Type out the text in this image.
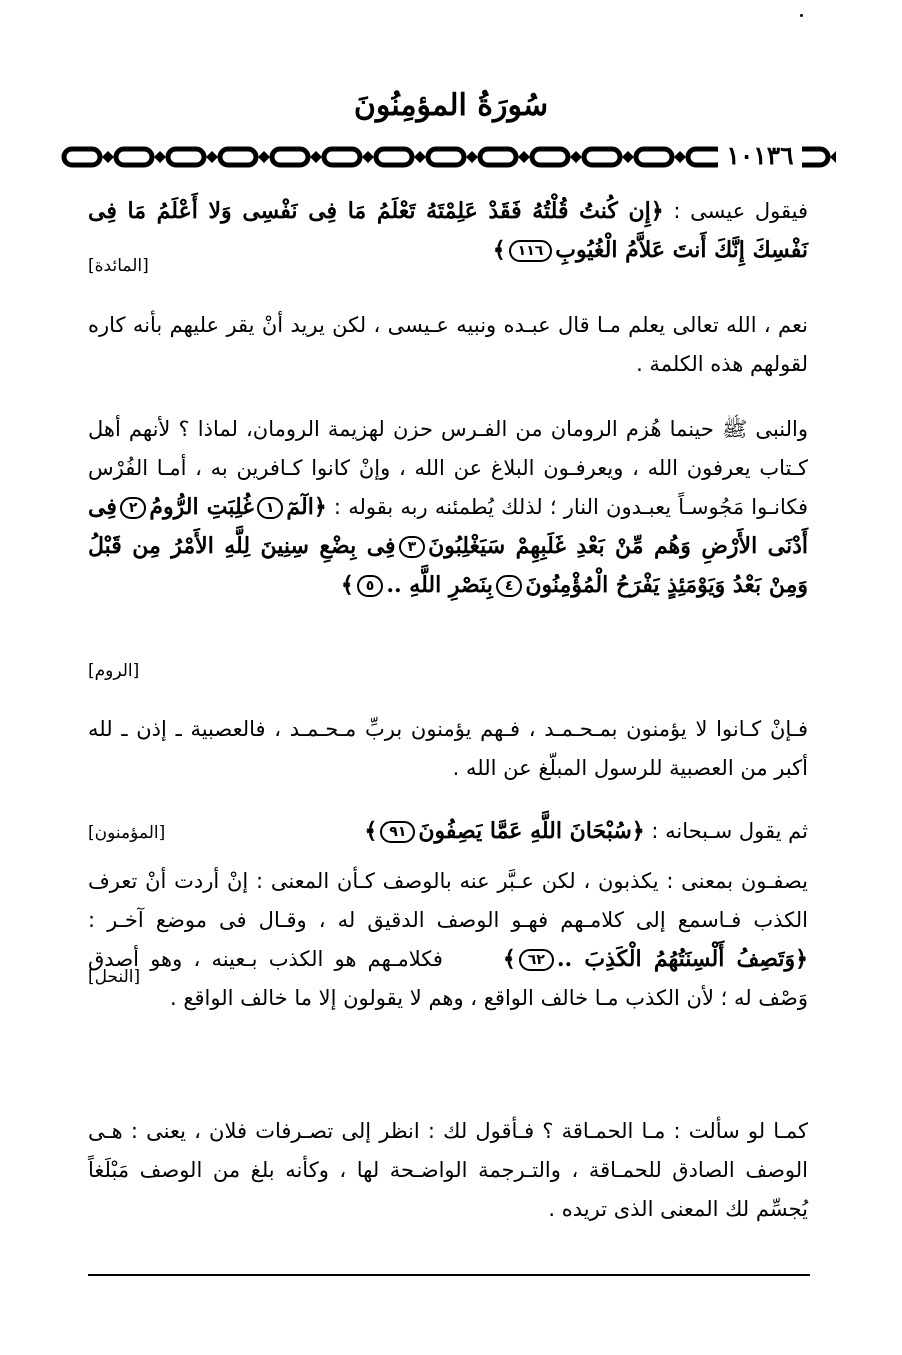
سُورَةُ المؤمِنُونَ
١٠١٣٦
فيقول عيسى : ﴿إِن كُنتُ قُلْتُهُ فَقَدْ عَلِمْتَهُ تَعْلَمُ مَا فِى نَفْسِى وَلا أَعْلَمُ مَا فِى نَفْسِكَ إِنَّكَ أَنتَ عَلاَّمُ الْغُيُوبِ١١٦﴾
[المائدة]
نعم ، الله تعالى يعلم مـا قال عبـده ونبيه عـيسى ، لكن يريد أنْ يقر عليهم بأنه كاره لقولهم هذه الكلمة .
والنبى ﷺ حينما هُزم الرومان من الفـرس حزن لهزيمة الرومان، لماذا ؟ لأنهم أهل كـتاب يعرفون الله ، ويعرفـون البلاغ عن الله ، وإنْ كانوا كـافرين به ، أمـا الفُرْس فكانـوا مَجُوسـاً يعبـدون النار ؛ لذلك يُطمئنه ربه بقوله : ﴿الٓمٓ١غُلِبَتِ الرُّومُ٢فِى أَدْنَى الأَرْضِ وَهُم مِّنْ بَعْدِ غَلَبِهِمْ سَيَغْلِبُونَ٣فِى بِضْعِ سِنِينَ لِلَّهِ الأَمْرُ مِن قَبْلُ وَمِنْ بَعْدُ وَيَوْمَئِذٍ يَفْرَحُ الْمُؤْمِنُونَ٤بِنَصْرِ اللَّهِ ..٥﴾
[الروم]
فـإنْ كـانوا لا يؤمنون بمـحـمـد ، فـهم يؤمنون بربِّ مـحـمـد ، فالعصبية ـ إذن ـ لله أكبر من العصبية للرسول المبلّغ عن الله .
ثم يقول سـبحانه : ﴿سُبْحَانَ اللَّهِ عَمَّا يَصِفُونَ٩١﴾
[المؤمنون]
يصفـون بمعنى : يكذبون ، لكن عـبَّر عنه بالوصف كـأن المعنى : إنْ أردت أنْ تعرف الكذب فـاسمع إلى كلامـهم فهـو الوصف الدقيق له ، وقـال فى موضع آخـر : ﴿وَتَصِفُ أَلْسِنَتُهُمُ الْكَذِبَ ..٦٢﴾فكلامـهم هو الكذب بـعينه ، وهو أصدق وَصْف له ؛ لأن الكذب مـا خالف الواقع ، وهم لا يقولون إلا ما خالف الواقع .
[النحل]
كمـا لو سألت : مـا الحمـاقة ؟ فـأقول لك : انظر إلى تصـرفات فلان ، يعنى : هـى الوصف الصادق للحمـاقة ، والتـرجمة الواضـحة لها ، وكأنه بلغ من الوصف مَبْلَغاً يُجسِّم لك المعنى الذى تريده .
